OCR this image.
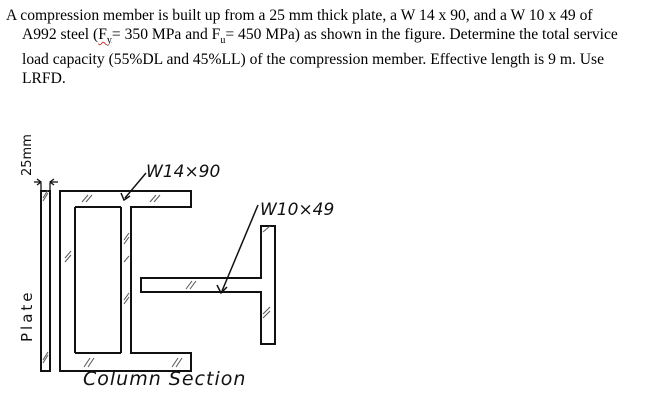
A compression member is built up from a 25 mm thick plate, a W 14 x 90, and a W 10 x 49 of
A992 steel ($F_y= 350$ MPa and $F_u= 450$ MPa) as shown in the figure. Determine the total service
load capacity (55%DL and 45%LL) of the compression member. Effective length is 9 m. Use
LRFD.
W14×90
W10×49
Plate
25mm
Column Section
